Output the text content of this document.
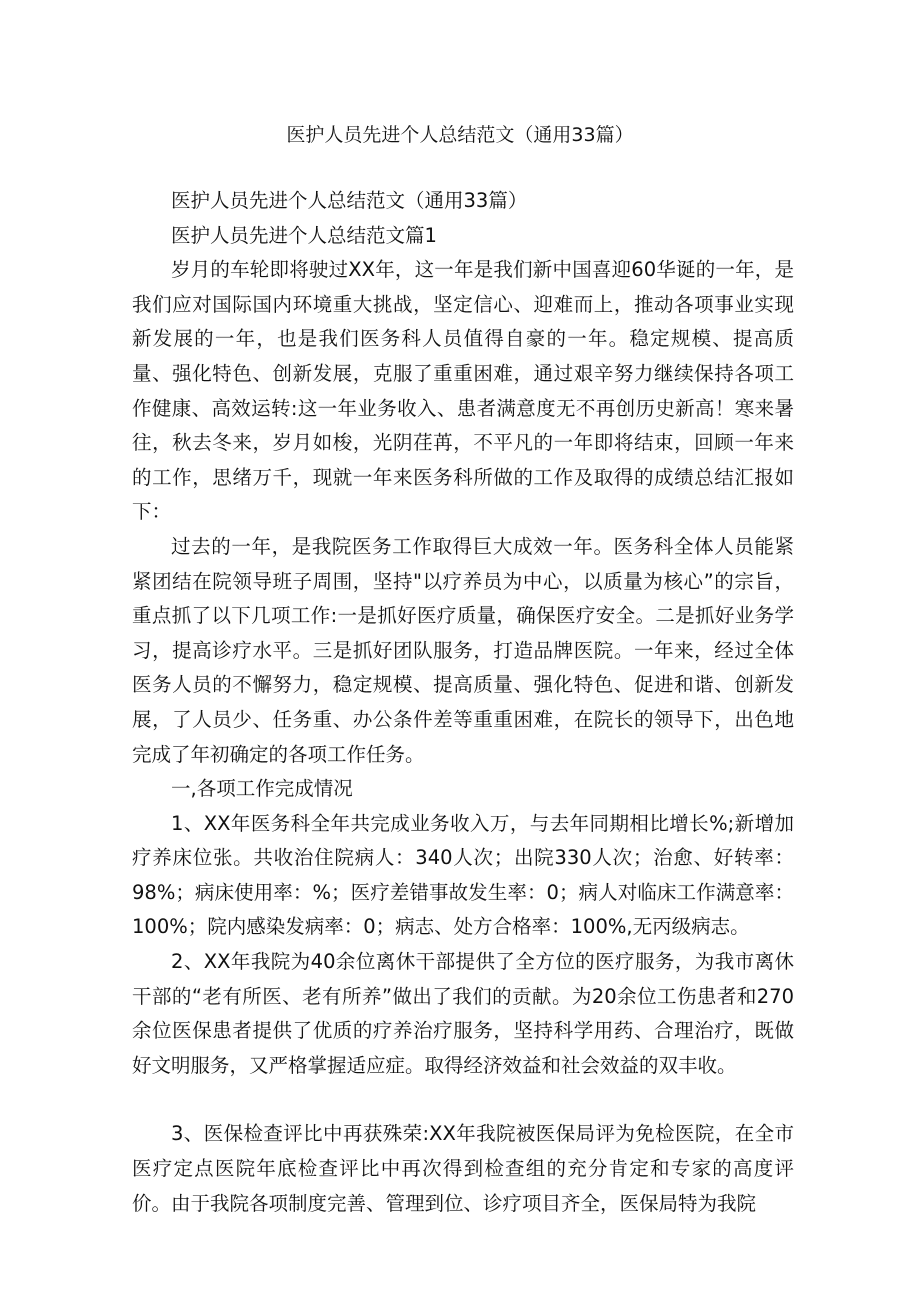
医护人员先进个人总结范文（通用33篇）

医护人员先进个人总结范文（通用33篇）

医护人员先进个人总结范文篇1

岁月的车轮即将驶过XX年，这一年是我们新中国喜迎60华诞的一年，是我们应对国际国内环境重大挑战，坚定信心、迎难而上，推动各项事业实现新发展的一年，也是我们医务科人员值得自豪的一年。稳定规模、提高质量、强化特色、创新发展，克服了重重困难，通过艰辛努力继续保持各项工作健康、高效运转:这一年业务收入、患者满意度无不再创历史新高！寒来暑往，秋去冬来，岁月如梭，光阴荏苒，不平凡的一年即将结束，回顾一年来的工作，思绪万千，现就一年来医务科所做的工作及取得的成绩总结汇报如下：

过去的一年，是我院医务工作取得巨大成效一年。医务科全体人员能紧紧团结在院领导班子周围，坚持"以疗养员为中心，以质量为核心”的宗旨，重点抓了以下几项工作:一是抓好医疗质量，确保医疗安全。二是抓好业务学习，提高诊疗水平。三是抓好团队服务，打造品牌医院。一年来，经过全体医务人员的不懈努力，稳定规模、提高质量、强化特色、促进和谐、创新发展，了人员少、任务重、办公条件差等重重困难，在院长的领导下，出色地完成了年初确定的各项工作任务。

一,各项工作完成情况

1、XX年医务科全年共完成业务收入万，与去年同期相比增长%;新增加疗养床位张。共收治住院病人：340人次；出院330人次；治愈、好转率：98%；病床使用率：%；医疗差错事故发生率：0；病人对临床工作满意率：100%；院内感染发病率：0；病志、处方合格率：100%,无丙级病志。

2、XX年我院为40余位离休干部提供了全方位的医疗服务，为我市离休干部的“老有所医、老有所养”做出了我们的贡献。为20余位工伤患者和270余位医保患者提供了优质的疗养治疗服务，坚持科学用药、合理治疗，既做好文明服务，又严格掌握适应症。取得经济效益和社会效益的双丰收。

3、医保检查评比中再获殊荣:XX年我院被医保局评为免检医院，在全市医疗定点医院年底检查评比中再次得到检查组的充分肯定和专家的高度评价。由于我院各项制度完善、管理到位、诊疗项目齐全，医保局特为我院
